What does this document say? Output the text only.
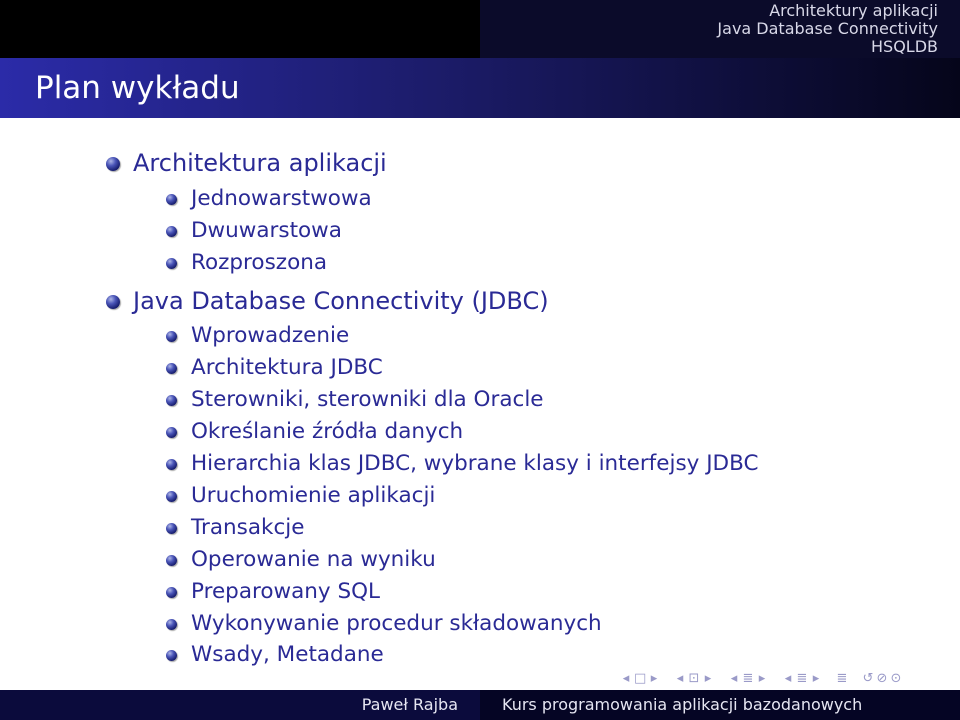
Architektury aplikacji
Java Database Connectivity
HSQLDB
Plan wykładu
Architektura aplikacji
Jednowarstwowa
Dwuwarstowa
Rozproszona
Java Database Connectivity (JDBC)
Wprowadzenie
Architektura JDBC
Sterowniki, sterowniki dla Oracle
Określanie źródła danych
Hierarchia klas JDBC, wybrane klasy i interfejsy JDBC
Uruchomienie aplikacji
Transakcje
Operowanie na wyniku
Preparowany SQL
Wykonywanie procedur składowanych
Wsady, Metadane
◂ □ ▸ ◂ ⊡ ▸ ◂ ≣ ▸ ◂ ≣ ▸ ≣ ↺ ⊘ ⊙
Paweł Rajba	Kurs programowania aplikacji bazodanowych
